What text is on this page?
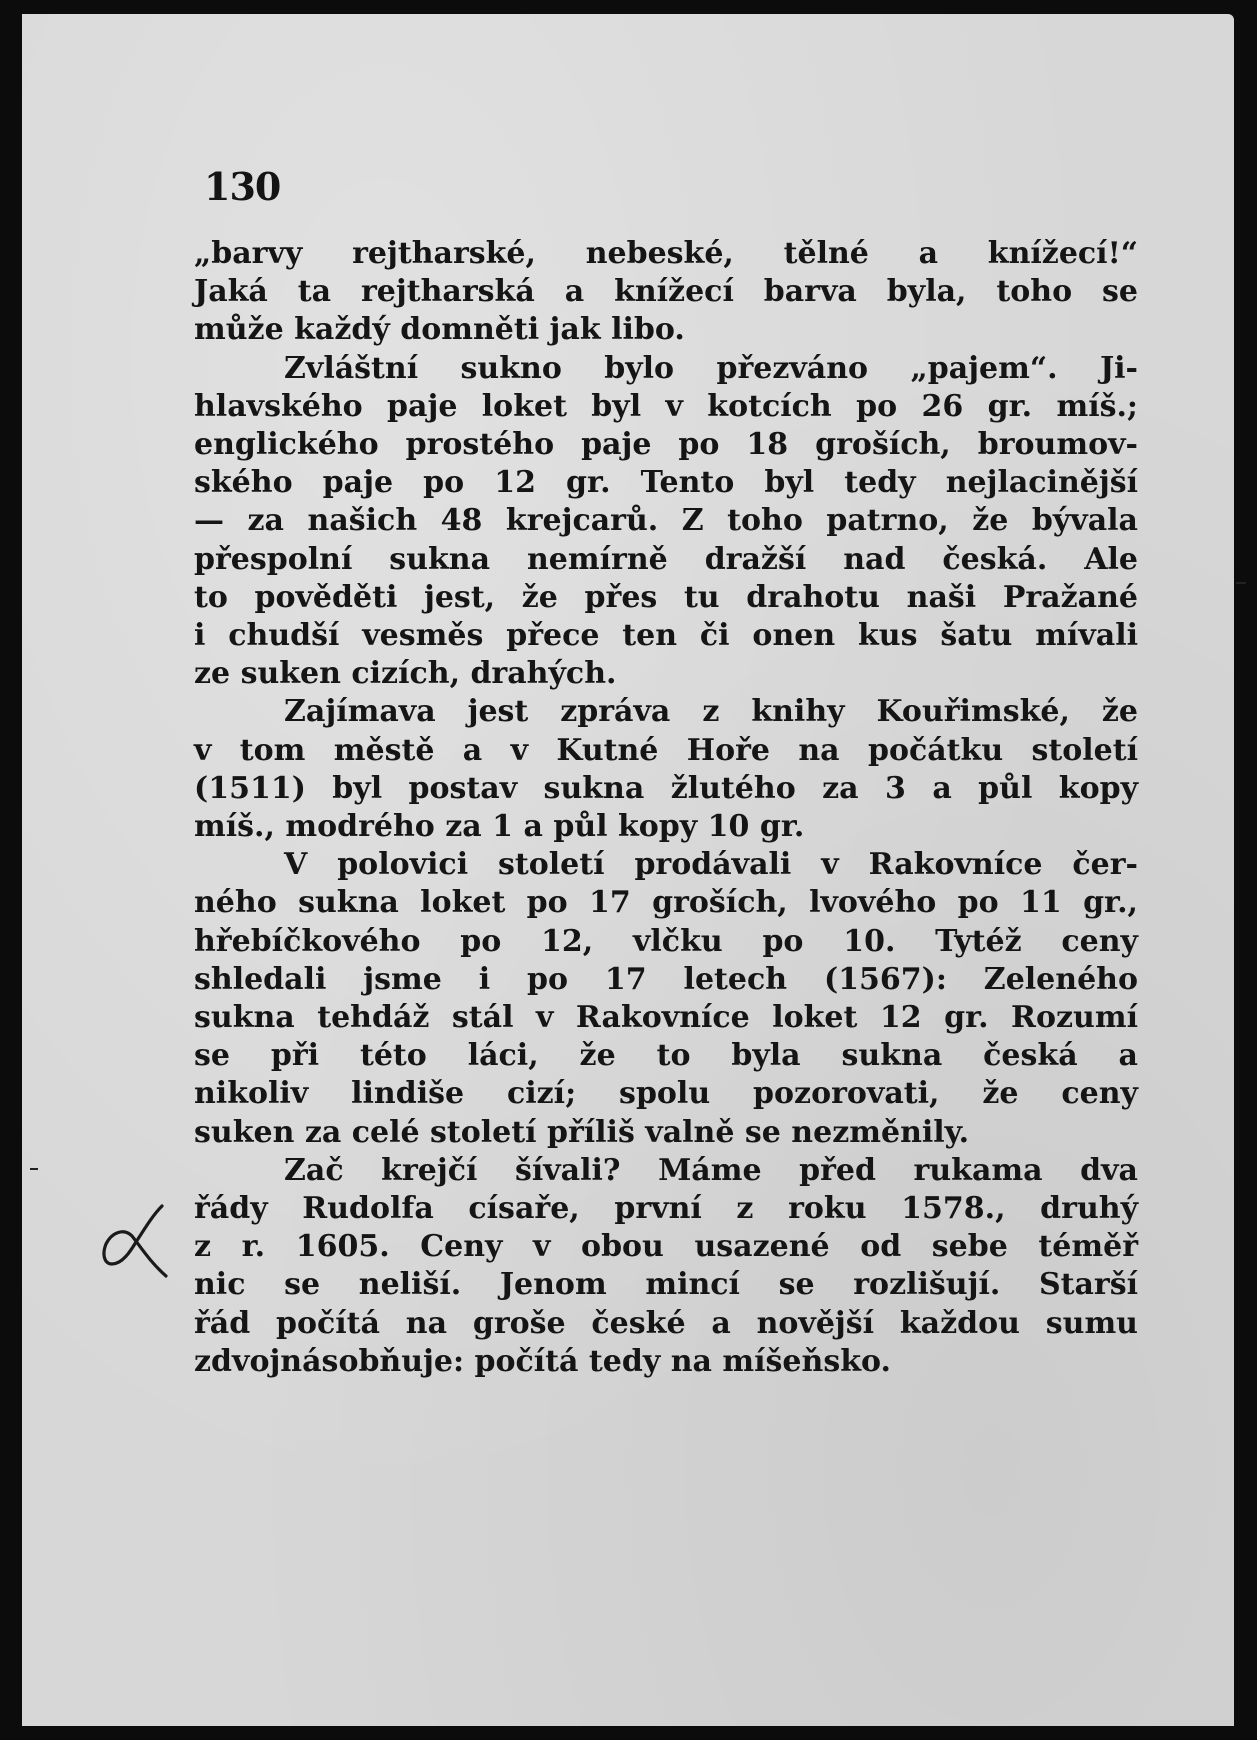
130
„barvy rejtharské, nebeské, tělné a knížecí!“
Jaká ta rejtharská a knížecí barva byla, toho se
může každý domněti jak libo.
Zvláštní sukno bylo přezváno „pajem“. Ji-
hlavského paje loket byl v kotcích po 26 gr. míš.;
englického prostého paje po 18 groších, broumov-
ského paje po 12 gr. Tento byl tedy nejlacinější
— za našich 48 krejcarů. Z toho patrno, že bývala
přespolní sukna nemírně dražší nad česká. Ale
to pověděti jest, že přes tu drahotu naši Pražané
i chudší vesměs přece ten či onen kus šatu mívali
ze suken cizích, drahých.
Zajímava jest zpráva z knihy Kouřimské, že
v tom městě a v Kutné Hoře na počátku století
(1511) byl postav sukna žlutého za 3 a půl kopy
míš., modrého za 1 a půl kopy 10 gr.
V polovici století prodávali v Rakovníce čer-
ného sukna loket po 17 groších, lvového po 11 gr.,
hřebíčkového po 12, vlčku po 10. Tytéž ceny
shledali jsme i po 17 letech (1567): Zeleného
sukna tehdáž stál v Rakovníce loket 12 gr. Rozumí
se při této láci, že to byla sukna česká a
nikoliv lindiše cizí; spolu pozorovati, že ceny
suken za celé století příliš valně se nezměnily.
Zač krejčí šívali? Máme před rukama dva
řády Rudolfa císaře, první z roku 1578., druhý
z r. 1605. Ceny v obou usazené od sebe téměř
nic se neliší. Jenom mincí se rozlišují. Starší
řád počítá na groše české a novější každou sumu
zdvojnásobňuje: počítá tedy na míšeňsko.
